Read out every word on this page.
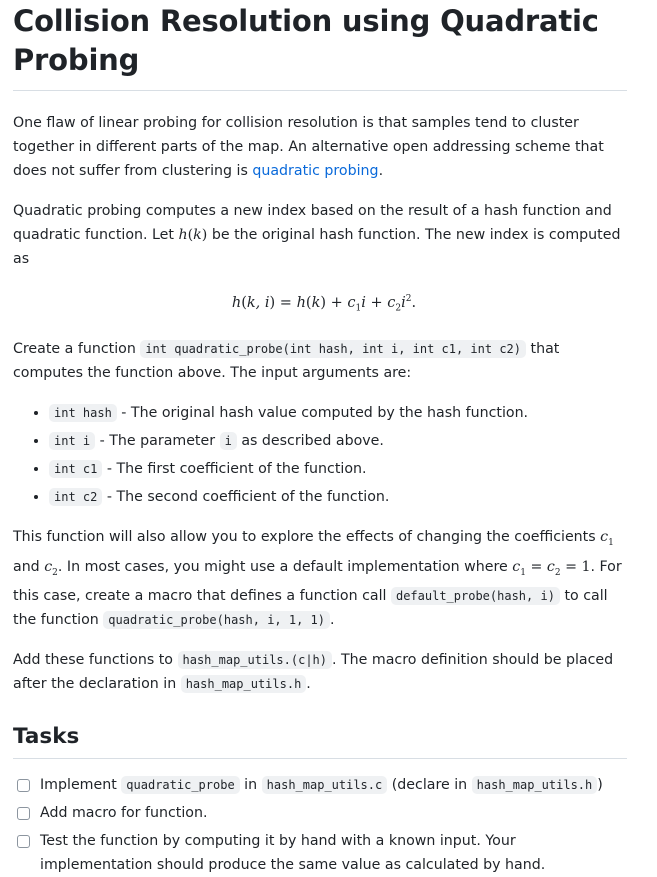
Collision Resolution using Quadratic Probing

One flaw of linear probing for collision resolution is that samples tend to cluster together in different parts of the map. An alternative open addressing scheme that does not suffer from clustering is quadratic probing.

Quadratic probing computes a new index based on the result of a hash function and quadratic function. Let h(k) be the original hash function. The new index is computed as

h(k, $i) = h(k) + c_1i + c_2i^2$.

Create a function int quadratic_probe(int hash, int i, int c1, int c2) that computes the function above. The input arguments are:

• int hash - The original hash value computed by the hash function.
• int i - The parameter i as described above.
• int c1 - The first coefficient of the function.
• int c2 - The second coefficient of the function.

This function will also allow you to explore the effects of changing the coefficients $c_1$ and $c_2$. In most cases, you might use a default implementation where $c_1 = c_2 = 1$. For this case, create a macro that defines a function call default_probe(hash, i) to call the function quadratic_probe(hash, i, 1, 1) .

Add these functions to hash_map_utils.(c|h) . The macro definition should be placed after the declaration in hash_map_utils.h .

Tasks
Implement quadratic_probe in hash_map_utils.c (declare in hash_map_utils.h )
Add macro for function.
Test the function by computing it by hand with a known input. Your implementation should produce the same value as calculated by hand.
